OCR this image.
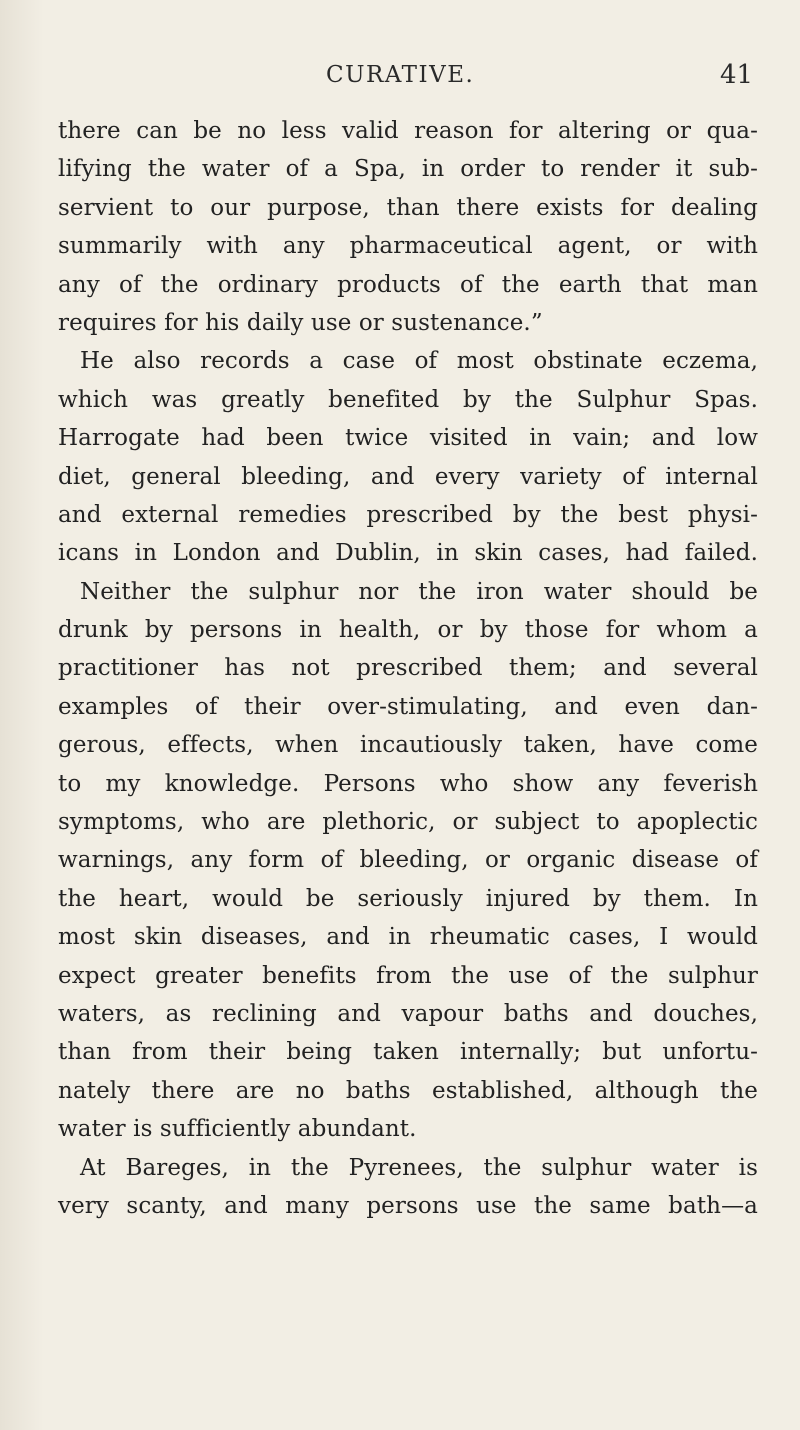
CURATIVE.	41
there can be no less valid reason for altering or qua-
lifying the water of a Spa, in order to render it sub-
servient to our purpose, than there exists for dealing
summarily with any pharmaceutical agent, or with
any of the ordinary products of the earth that man
requires for his daily use or sustenance.”
He also records a case of most obstinate eczema,
which was greatly benefited by the Sulphur Spas.
Harrogate had been twice visited in vain; and low
diet, general bleeding, and every variety of internal
and external remedies prescribed by the best physi-
icans in London and Dublin, in skin cases, had failed.
Neither the sulphur nor the iron water should be
drunk by persons in health, or by those for whom a
practitioner has not prescribed them; and several
examples of their over-stimulating, and even dan-
gerous, effects, when incautiously taken, have come
to my knowledge. Persons who show any feverish
symptoms, who are plethoric, or subject to apoplectic
warnings, any form of bleeding, or organic disease of
the heart, would be seriously injured by them. In
most skin diseases, and in rheumatic cases, I would
expect greater benefits from the use of the sulphur
waters, as reclining and vapour baths and douches,
than from their being taken internally; but unfortu-
nately there are no baths established, although the
water is sufficiently abundant.
At Bareges, in the Pyrenees, the sulphur water is
very scanty, and many persons use the same bath—a
